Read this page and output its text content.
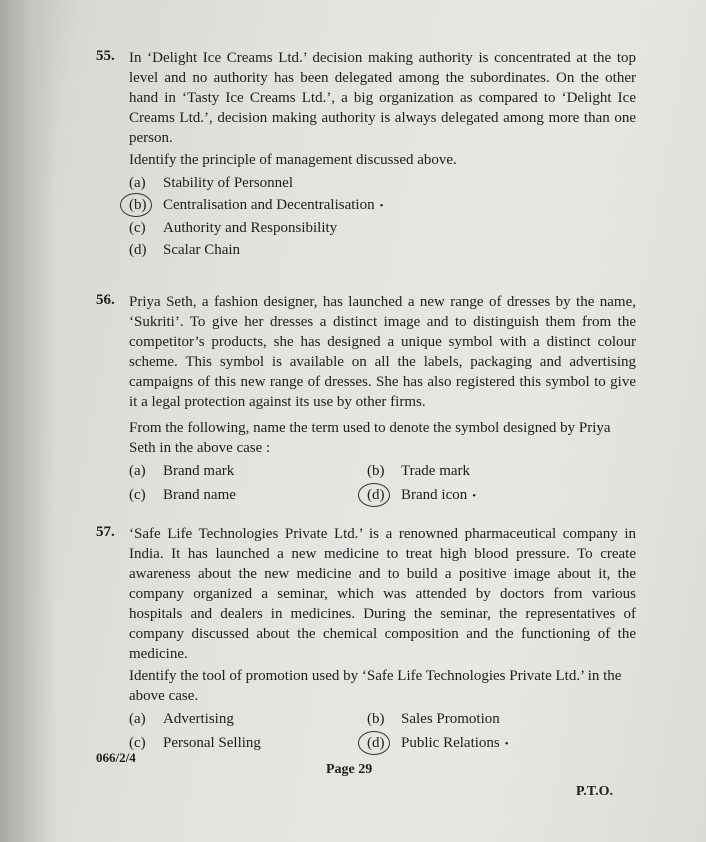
55. In ‘Delight Ice Creams Ltd.’ decision making authority is concentrated at the top level and no authority has been delegated among the subordinates. On the other hand in ‘Tasty Ice Creams Ltd.’, a big organization as compared to ‘Delight Ice Creams Ltd.’, decision making authority is always delegated among more than one person.

Identify the principle of management discussed above.
(a) Stability of Personnel
(b) Centralisation and Decentralisation •
(c) Authority and Responsibility
(d) Scalar Chain
56. Priya Seth, a fashion designer, has launched a new range of dresses by the name, ‘Sukriti’. To give her dresses a distinct image and to distinguish them from the competitor’s products, she has designed a unique symbol with a distinct colour scheme. This symbol is available on all the labels, packaging and advertising campaigns of this new range of dresses. She has also registered this symbol to give it a legal protection against its use by other firms.

From the following, name the term used to denote the symbol designed by Priya Seth in the above case :
(a) Brand mark	(b) Trade mark
(c) Brand name	(d) Brand icon •
57. ‘Safe Life Technologies Private Ltd.’ is a renowned pharmaceutical company in India. It has launched a new medicine to treat high blood pressure. To create awareness about the new medicine and to build a positive image about it, the company organized a seminar, which was attended by doctors from various hospitals and dealers in medicines. During the seminar, the representatives of company discussed about the chemical composition and the functioning of the medicine.

Identify the tool of promotion used by ‘Safe Life Technologies Private Ltd.’ in the above case.
(a) Advertising	(b) Sales Promotion
(c) Personal Selling	(d) Public Relations •
066/2/4
Page 29
P.T.O.
